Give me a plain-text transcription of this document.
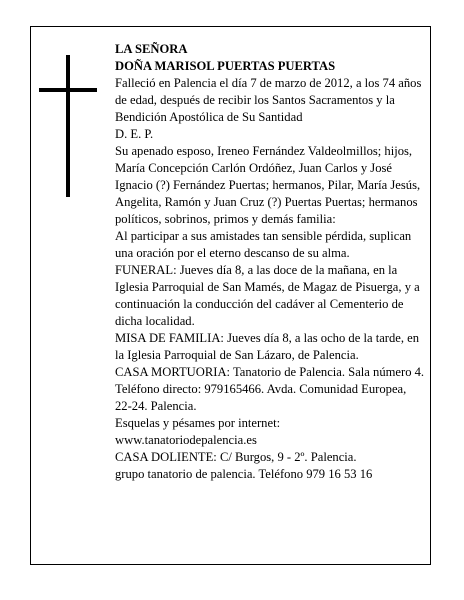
LA SEÑORA

DOÑA MARISOL PUERTAS PUERTAS

Falleció en Palencia el día 7 de marzo de 2012, a los 74 años de edad, después de recibir los Santos Sacramentos y la Bendición Apostólica de Su Santidad

D. E. P.

Su apenado esposo, Ireneo Fernández Valdeolmillos; hijos, María Concepción Carlón Ordóñez, Juan Carlos y José Ignacio (?) Fernández Puertas; hermanos, Pilar, María Jesús, Angelita, Ramón y Juan Cruz (?) Puertas Puertas; hermanos políticos, sobrinos, primos y demás familia:

Al participar a sus amistades tan sensible pérdida, suplican una oración por el eterno descanso de su alma.

FUNERAL: Jueves día 8, a las doce de la mañana, en la Iglesia Parroquial de San Mamés, de Magaz de Pisuerga, y a continuación la conducción del cadáver al Cementerio de dicha localidad.

MISA DE FAMILIA: Jueves día 8, a las ocho de la tarde, en la Iglesia Parroquial de San Lázaro, de Palencia.

CASA MORTUORIA: Tanatorio de Palencia. Sala número 4. Teléfono directo: 979165466. Avda. Comunidad Europea, 22-24. Palencia.

Esquelas y pésames por internet:

www.tanatoriodepalencia.es

CASA DOLIENTE: C/ Burgos, 9 - 2º. Palencia.

grupo tanatorio de palencia. Teléfono 979 16 53 16
